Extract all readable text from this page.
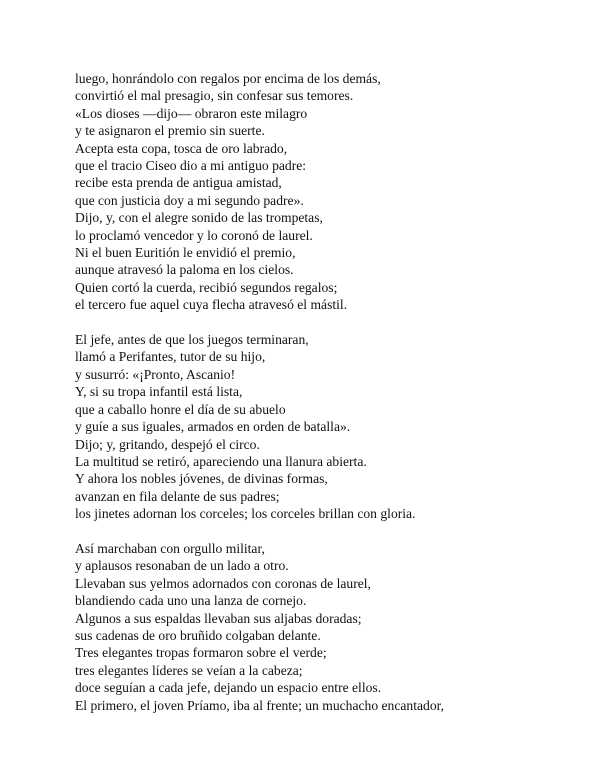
luego, honrándolo con regalos por encima de los demás,
convirtió el mal presagio, sin confesar sus temores.
«Los dioses —dijo— obraron este milagro
y te asignaron el premio sin suerte.
Acepta esta copa, tosca de oro labrado,
que el tracio Ciseo dio a mi antiguo padre:
recibe esta prenda de antigua amistad,
que con justicia doy a mi segundo padre».
Dijo, y, con el alegre sonido de las trompetas,
lo proclamó vencedor y lo coronó de laurel.
Ni el buen Euritión le envidió el premio,
aunque atravesó la paloma en los cielos.
Quien cortó la cuerda, recibió segundos regalos;
el tercero fue aquel cuya flecha atravesó el mástil.
El jefe, antes de que los juegos terminaran,
llamó a Perifantes, tutor de su hijo,
y susurró: «¡Pronto, Ascanio!
Y, si su tropa infantil está lista,
que a caballo honre el día de su abuelo
y guíe a sus iguales, armados en orden de batalla».
Dijo; y, gritando, despejó el circo.
La multitud se retiró, apareciendo una llanura abierta.
Y ahora los nobles jóvenes, de divinas formas,
avanzan en fila delante de sus padres;
los jinetes adornan los corceles; los corceles brillan con gloria.
Así marchaban con orgullo militar,
y aplausos resonaban de un lado a otro.
Llevaban sus yelmos adornados con coronas de laurel,
blandiendo cada uno una lanza de cornejo.
Algunos a sus espaldas llevaban sus aljabas doradas;
sus cadenas de oro bruñido colgaban delante.
Tres elegantes tropas formaron sobre el verde;
tres elegantes líderes se veían a la cabeza;
doce seguían a cada jefe, dejando un espacio entre ellos.
El primero, el joven Príamo, iba al frente; un muchacho encantador,
